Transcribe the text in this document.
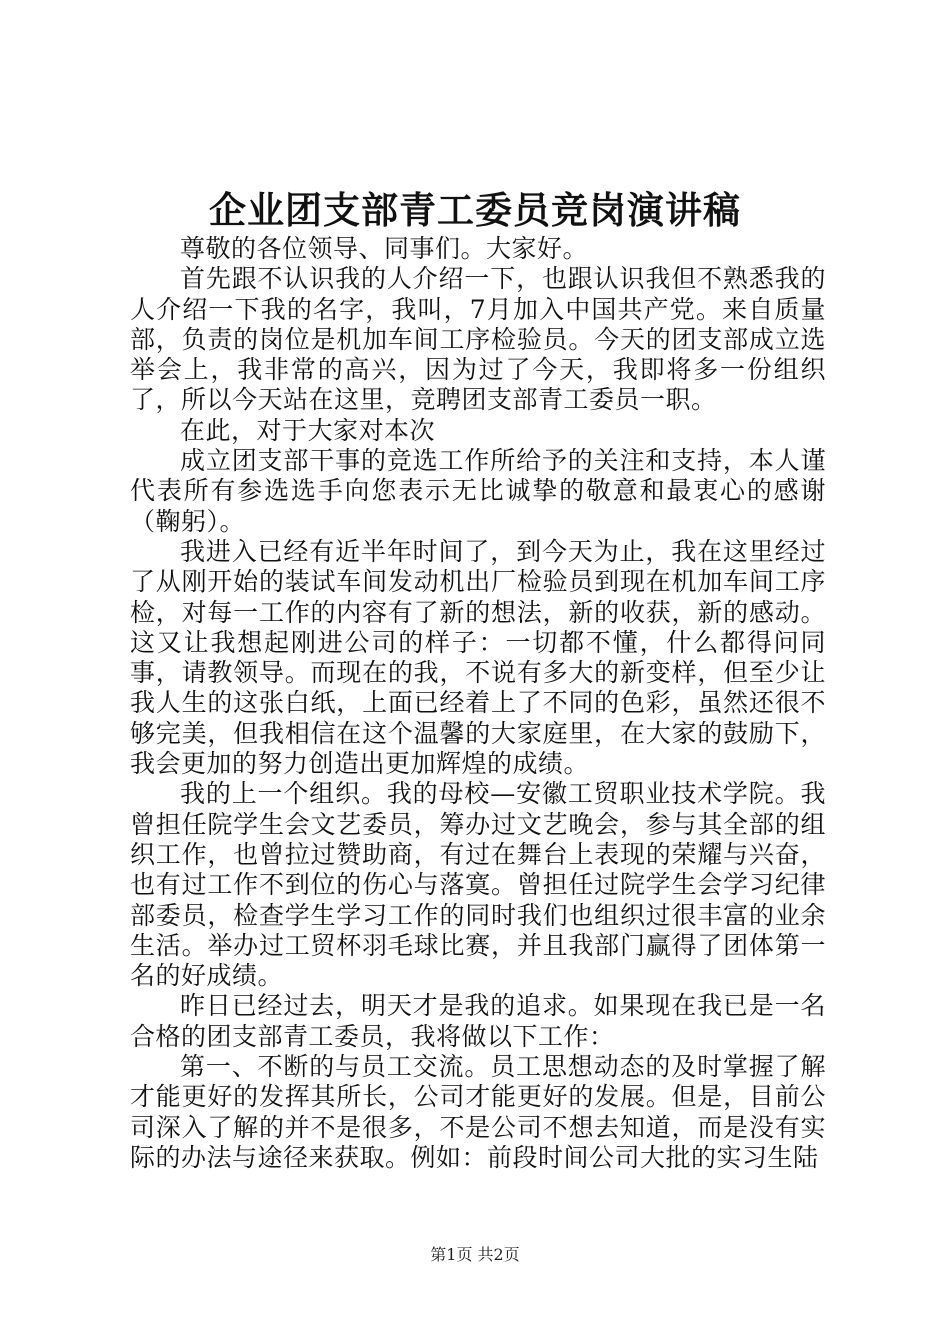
企业团支部青工委员竞岗演讲稿

尊敬的各位领导、同事们。大家好。

首先跟不认识我的人介绍一下，也跟认识我但不熟悉我的人介绍一下我的名字，我叫，7月加入中国共产党。来自质量部，负责的岗位是机加车间工序检验员。今天的团支部成立选举会上，我非常的高兴，因为过了今天，我即将多一份组织了，所以今天站在这里，竞聘团支部青工委员一职。

在此，对于大家对本次

成立团支部干事的竞选工作所给予的关注和支持，本人谨代表所有参选选手向您表示无比诚挚的敬意和最衷心的感谢（鞠躬）。

我进入已经有近半年时间了，到今天为止，我在这里经过了从刚开始的装试车间发动机出厂检验员到现在机加车间工序检，对每一工作的内容有了新的想法，新的收获，新的感动。这又让我想起刚进公司的样子：一切都不懂，什么都得问同事，请教领导。而现在的我，不说有多大的新变样，但至少让我人生的这张白纸，上面已经着上了不同的色彩，虽然还很不够完美，但我相信在这个温馨的大家庭里，在大家的鼓励下，我会更加的努力创造出更加辉煌的成绩。

我的上一个组织。我的母校—安徽工贸职业技术学院。我曾担任院学生会文艺委员，筹办过文艺晚会，参与其全部的组织工作，也曾拉过赞助商，有过在舞台上表现的荣耀与兴奋，也有过工作不到位的伤心与落寞。曾担任过院学生会学习纪律部委员，检查学生学习工作的同时我们也组织过很丰富的业余生活。举办过工贸杯羽毛球比赛，并且我部门赢得了团体第一名的好成绩。

昨日已经过去，明天才是我的追求。如果现在我已是一名合格的团支部青工委员，我将做以下工作：

第一、不断的与员工交流。员工思想动态的及时掌握了解才能更好的发挥其所长，公司才能更好的发展。但是，目前公司深入了解的并不是很多，不是公司不想去知道，而是没有实际的办法与途径来获取。例如：前段时间公司大批的实习生陆

第1页 共2页
